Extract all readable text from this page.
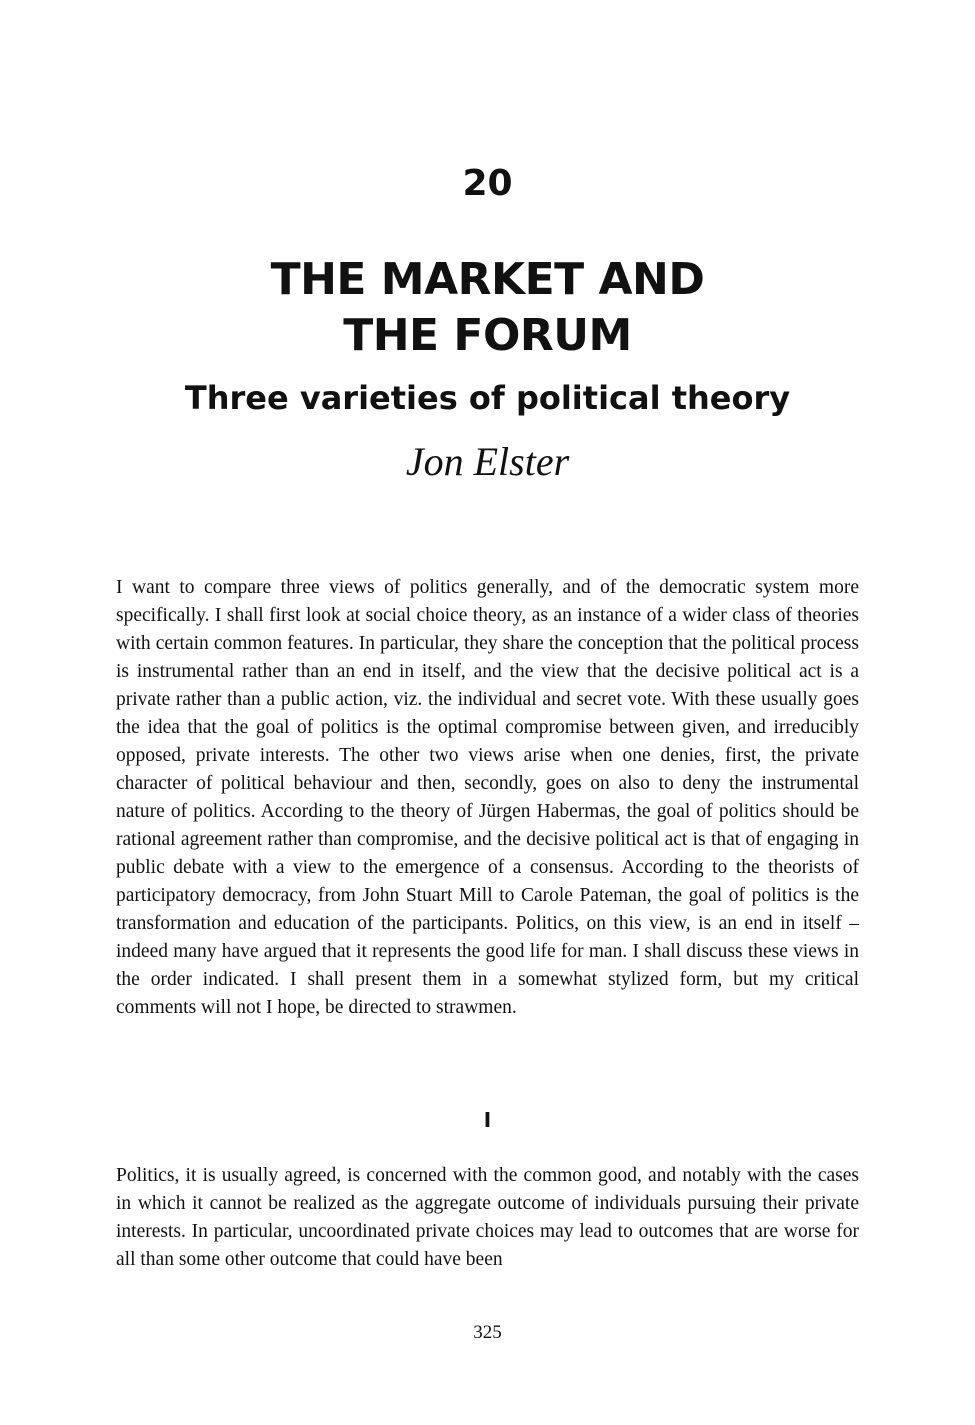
20
THE MARKET AND
THE FORUM
Three varieties of political theory

Jon Elster

I want to compare three views of politics generally, and of the democratic system more specifically. I shall first look at social choice theory, as an instance of a wider class of theories with certain common features. In particular, they share the conception that the political process is instrumental rather than an end in itself, and the view that the decisive political act is a private rather than a public action, viz. the individual and secret vote. With these usually goes the idea that the goal of politics is the optimal compromise between given, and irreducibly opposed, private interests. The other two views arise when one denies, first, the private character of political behaviour and then, secondly, goes on also to deny the instrumental nature of politics. According to the theory of Jürgen Habermas, the goal of politics should be rational agreement rather than compromise, and the decisive political act is that of engaging in public debate with a view to the emergence of a consensus. According to the theorists of participatory democracy, from John Stuart Mill to Carole Pateman, the goal of politics is the transformation and education of the participants. Politics, on this view, is an end in itself – indeed many have argued that it represents the good life for man. I shall discuss these views in the order indicated. I shall present them in a somewhat stylized form, but my critical comments will not I hope, be directed to strawmen.

I

Politics, it is usually agreed, is concerned with the common good, and notably with the cases in which it cannot be realized as the aggregate outcome of individuals pursuing their private interests. In particular, uncoordinated private choices may lead to outcomes that are worse for all than some other outcome that could have been

325
